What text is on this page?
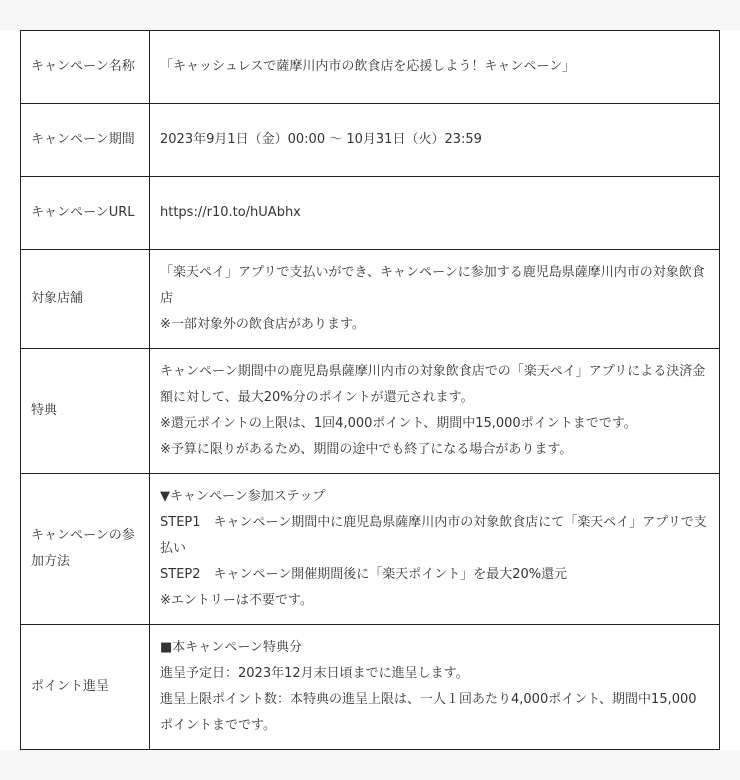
キャンペーン名称	「キャッシュレスで薩摩川内市の飲食店を応援しよう！キャンペーン」

キャンペーン期間	2023年9月1日（金）00:00 〜 10月31日（火）23:59

キャンペーンURL	https://r10.to/hUAbhx

対象店舗	「楽天ペイ」アプリで支払いができ、キャンペーンに参加する鹿児島県薩摩川内市の対象飲食店
※一部対象外の飲食店があります。

特典	キャンペーン期間中の鹿児島県薩摩川内市の対象飲食店での「楽天ペイ」アプリによる決済金額に対して、最大20%分のポイントが還元されます。
※還元ポイントの上限は、1回4,000ポイント、期間中15,000ポイントまでです。
※予算に限りがあるため、期間の途中でも終了になる場合があります。

キャンペーンの参加方法	▼キャンペーン参加ステップ
STEP1　キャンペーン期間中に鹿児島県薩摩川内市の対象飲食店にて「楽天ペイ」アプリで支払い
STEP2　キャンペーン開催期間後に「楽天ポイント」を最大20%還元
※エントリーは不要です。

ポイント進呈	■本キャンペーン特典分
進呈予定日：2023年12月末日頃までに進呈します。
進呈上限ポイント数：本特典の進呈上限は、一人１回あたり4,000ポイント、期間中15,000ポイントまでです。
